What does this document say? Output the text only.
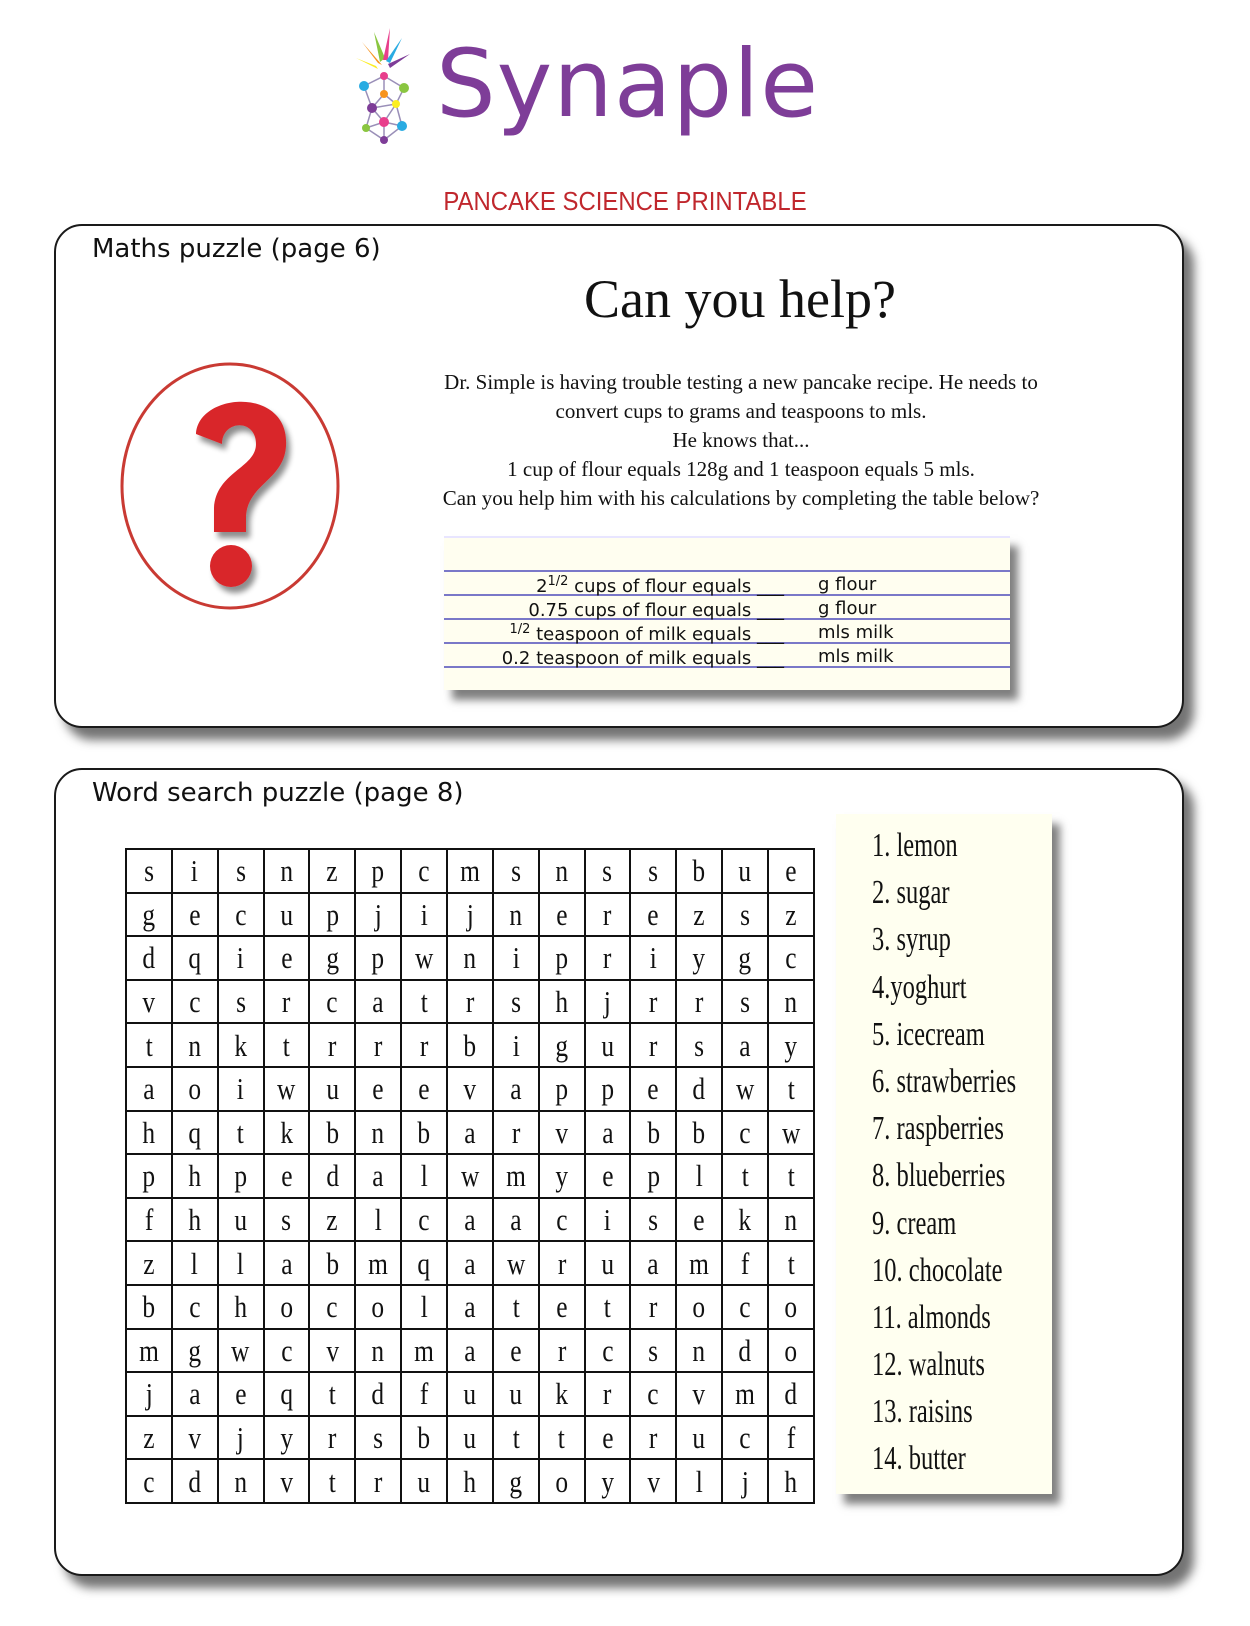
Synaple
PANCAKE SCIENCE PRINTABLE
Maths puzzle (page 6)
Can you help?
Dr. Simple is having trouble testing a new pancake recipe. He needs to
convert cups to grams and teaspoons to mls.
He knows that...
1 cup of flour equals 128g and 1 teaspoon equals 5 mls.
Can you help him with his calculations by completing the table below?
$2^{1/2}$ cups of flour equals ___ g flour
0.75 cups of flour equals ___ g flour
$^{1/2}$ teaspoon of milk equals ___ mls milk
0.2 teaspoon of milk equals ___ mls milk
Word search puzzle (page 8)
s	i	s	n	z	p	c	m	s	n	s	s	b	u	e
g	e	c	u	p	j	i	j	n	e	r	e	z	s	z
d	q	i	e	g	p	w	n	i	p	r	i	y	g	c
v	c	s	r	c	a	t	r	s	h	j	r	r	s	n
t	n	k	t	r	r	r	b	i	g	u	r	s	a	y
a	o	i	w	u	e	e	v	a	p	p	e	d	w	t
h	q	t	k	b	n	b	a	r	v	a	b	b	c	w
p	h	p	e	d	a	l	w	m	y	e	p	l	t	t
f	h	u	s	z	l	c	a	a	c	i	s	e	k	n
z	l	l	a	b	m	q	a	w	r	u	a	m	f	t
b	c	h	o	c	o	l	a	t	e	t	r	o	c	o
m	g	w	c	v	n	m	a	e	r	c	s	n	d	o
j	a	e	q	t	d	f	u	u	k	r	c	v	m	d
z	v	j	y	r	s	b	u	t	t	e	r	u	c	f
c	d	n	v	t	r	u	h	g	o	y	v	l	j	h
1. lemon
2. sugar
3. syrup
4.yoghurt
5. icecream
6. strawberries
7. raspberries
8. blueberries
9. cream
10. chocolate
11. almonds
12. walnuts
13. raisins
14. butter
